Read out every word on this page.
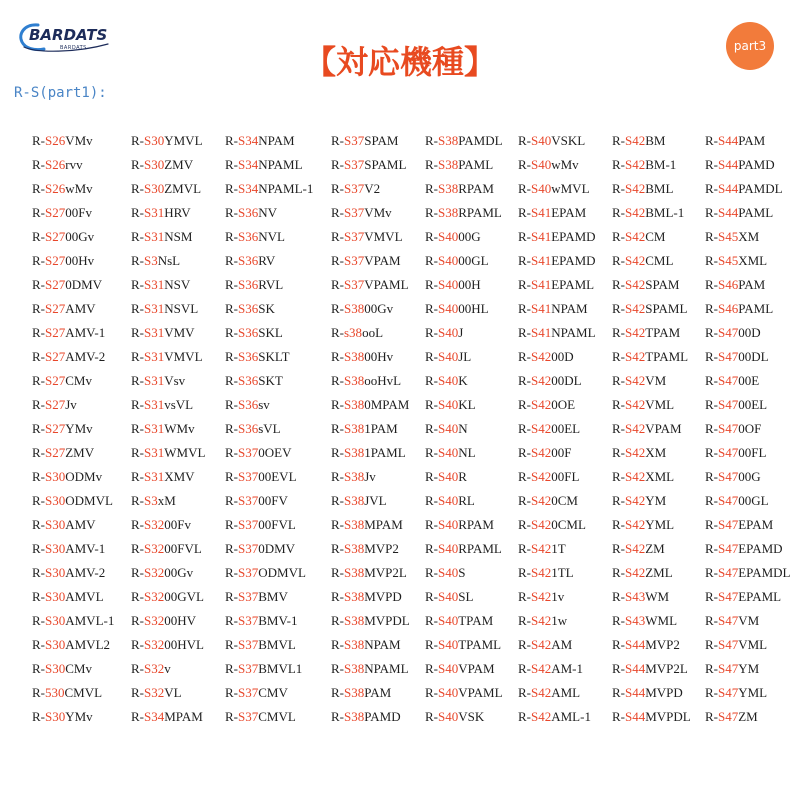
BARDATS
BARDATS	【対応機種】	part3
R-S(part1):
R-S26VMv
R-S26rvv
R-S26wMv
R-S2700Fv
R-S2700Gv
R-S2700Hv
R-S270DMV
R-S27AMV
R-S27AMV-1
R-S27AMV-2
R-S27CMv
R-S27Jv
R-S27YMv
R-S27ZMV
R-S30ODMv
R-S30ODMVL
R-S30AMV
R-S30AMV-1
R-S30AMV-2
R-S30AMVL
R-S30AMVL-1
R-S30AMVL2
R-S30CMv
R-530CMVL
R-S30YMv
R-S30YMVL
R-S30ZMV
R-S30ZMVL
R-S31HRV
R-S31NSM
R-S3NsL
R-S31NSV
R-S31NSVL
R-S31VMV
R-S31VMVL
R-S31Vsv
R-S31vsVL
R-S31WMv
R-S31WMVL
R-S31XMV
R-S3xM
R-S3200Fv
R-S3200FVL
R-S3200Gv
R-S3200GVL
R-S3200HV
R-S3200HVL
R-S32v
R-S32VL
R-S34MPAM
R-S34NPAM
R-S34NPAML
R-S34NPAML-1
R-S36NV
R-S36NVL
R-S36RV
R-S36RVL
R-S36SK
R-S36SKL
R-S36SKLT
R-S36SKT
R-S36sv
R-S36sVL
R-S370OEV
R-S3700EVL
R-S3700FV
R-S3700FVL
R-S370DMV
R-S37ODMVL
R-S37BMV
R-S37BMV-1
R-S37BMVL
R-S37BMVL1
R-S37CMV
R-S37CMVL
R-S37SPAM
R-S37SPAML
R-S37V2
R-S37VMv
R-S37VMVL
R-S37VPAM
R-S37VPAML
R-S3800Gv
R-s38ooL
R-S3800Hv
R-S38ooHvL
R-S380MPAM
R-S381PAM
R-S381PAML
R-S38Jv
R-S38JVL
R-S38MPAM
R-S38MVP2
R-S38MVP2L
R-S38MVPD
R-S38MVPDL
R-S38NPAM
R-S38NPAML
R-S38PAM
R-S38PAMD
R-S38PAMDL
R-S38PAML
R-S38RPAM
R-S38RPAML
R-S4000G
R-S4000GL
R-S4000H
R-S4000HL
R-S40J
R-S40JL
R-S40K
R-S40KL
R-S40N
R-S40NL
R-S40R
R-S40RL
R-S40RPAM
R-S40RPAML
R-S40S
R-S40SL
R-S40TPAM
R-S40TPAML
R-S40VPAM
R-S40VPAML
R-S40VSK
R-S40VSKL
R-S40wMv
R-S40wMVL
R-S41EPAM
R-S41EPAMD
R-S41EPAMD
R-S41EPAML
R-S41NPAM
R-S41NPAML
R-S4200D
R-S4200DL
R-S420OE
R-S4200EL
R-S4200F
R-S4200FL
R-S420CM
R-S420CML
R-S421T
R-S421TL
R-S421v
R-S421w
R-S42AM
R-S42AM-1
R-S42AML
R-S42AML-1
R-S42BM
R-S42BM-1
R-S42BML
R-S42BML-1
R-S42CM
R-S42CML
R-S42SPAM
R-S42SPAML
R-S42TPAM
R-S42TPAML
R-S42VM
R-S42VML
R-S42VPAM
R-S42XM
R-S42XML
R-S42YM
R-S42YML
R-S42ZM
R-S42ZML
R-S43WM
R-S43WML
R-S44MVP2
R-S44MVP2L
R-S44MVPD
R-S44MVPDL
R-S44PAM
R-S44PAMD
R-S44PAMDL
R-S44PAML
R-S45XM
R-S45XML
R-S46PAM
R-S46PAML
R-S4700D
R-S4700DL
R-S4700E
R-S4700EL
R-S470OF
R-S4700FL
R-S4700G
R-S4700GL
R-S47EPAM
R-S47EPAMD
R-S47EPAMDL
R-S47EPAML
R-S47VM
R-S47VML
R-S47YM
R-S47YML
R-S47ZM
